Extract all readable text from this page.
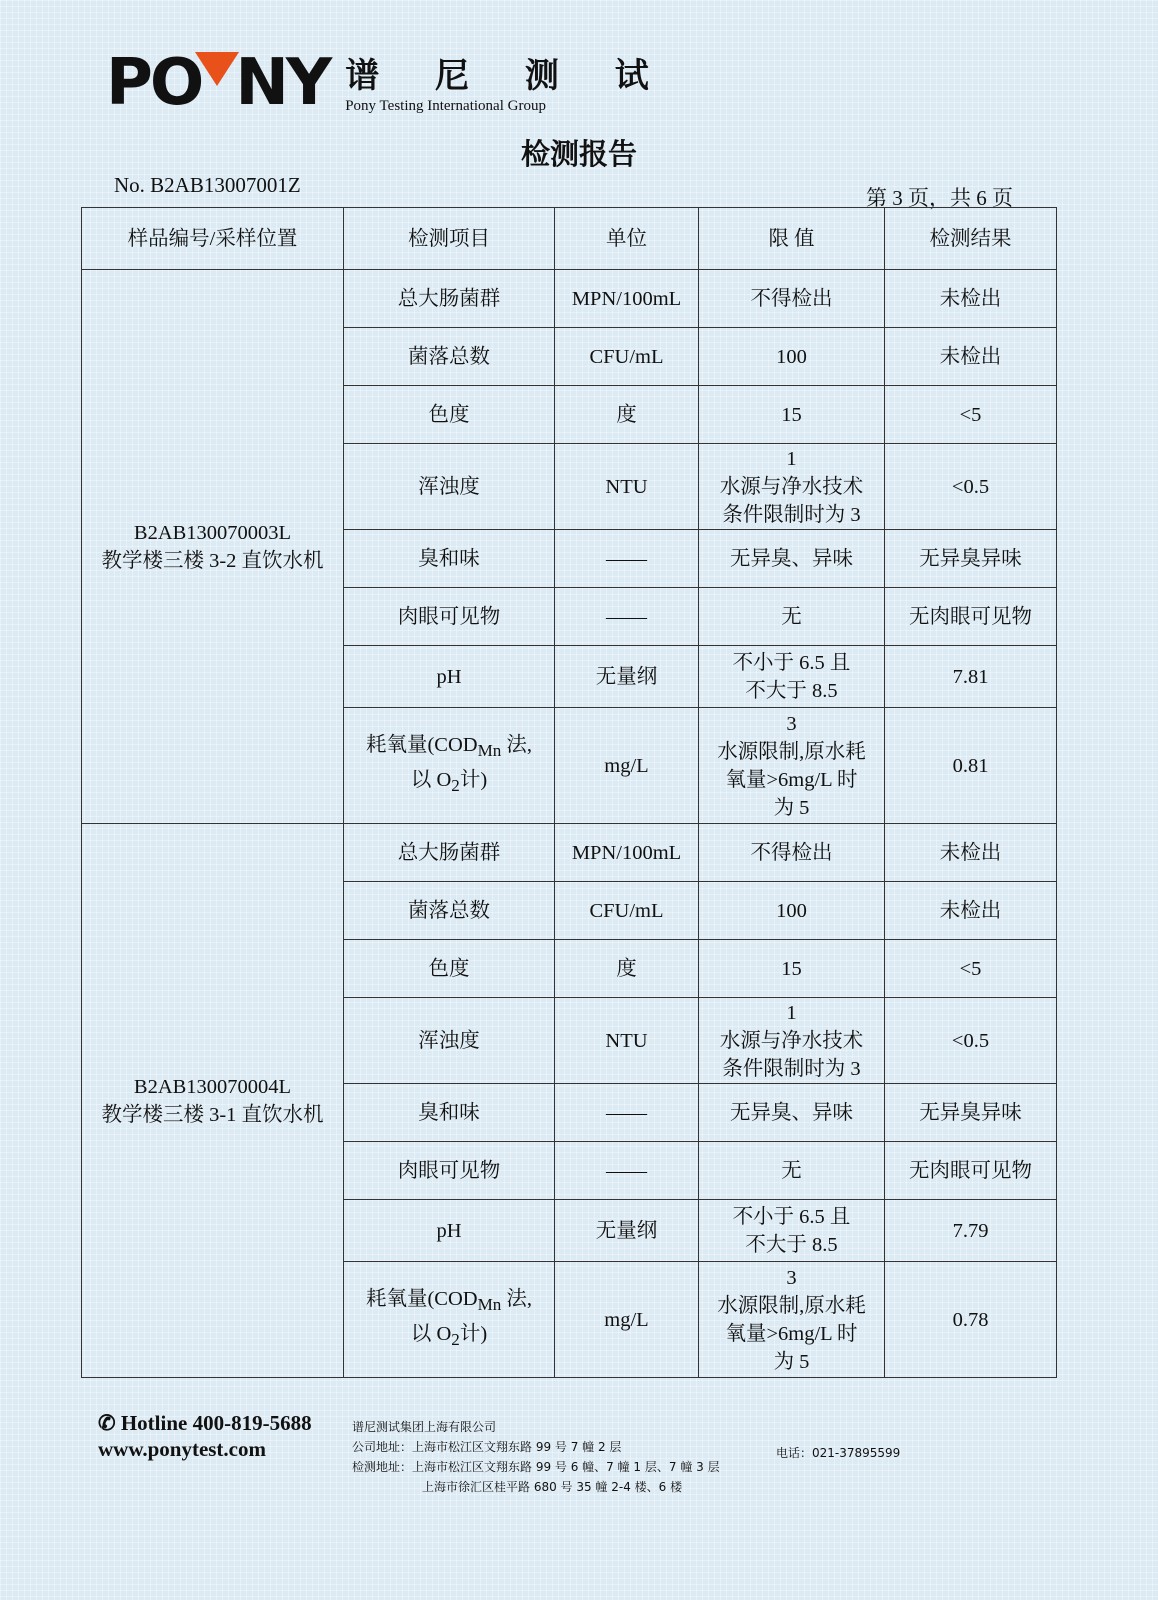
PO NY 谱 尼 测 试
Pony Testing International Group
检测报告
No. B2AB13007001Z
第 3 页，共 6 页
样品编号/采样位置	检测项目	单位	限 值	检测结果

B2AB130070003L
教学楼三楼 3-2 直饮水机	总大肠菌群	MPN/100mL	不得检出	未检出
	菌落总数	CFU/mL	100	未检出
	色度	度	15	<5
	浑浊度	NTU	1
水源与净水技术
条件限制时为 3	<0.5
	臭和味	——	无异臭、异味	无异臭异味
	肉眼可见物	——	无	无肉眼可见物
	pH	无量纲	不小于 6.5 且
不大于 8.5	7.81

	耗氧量($COD_{Mn}$ 法,
以 $O_2$计)	mg/L	3
水源限制,原水耗
氧量>6mg/L 时
为 5	0.81

B2AB130070004L
教学楼三楼 3-1 直饮水机	总大肠菌群	MPN/100mL	不得检出	未检出
	菌落总数	CFU/mL	100	未检出
	色度	度	15	<5
	浑浊度	NTU	1
水源与净水技术
条件限制时为 3	<0.5
	臭和味	——	无异臭、异味	无异臭异味
	肉眼可见物	——	无	无肉眼可见物
	pH	无量纲	不小于 6.5 且
不大于 8.5	7.79

	耗氧量($COD_{Mn}$ 法,
以 $O_2$计)	mg/L	3
水源限制,原水耗
氧量>6mg/L 时
为 5	0.78
✆ Hotline 400-819-5688
www.ponytest.com
谱尼测试集团上海有限公司
公司地址：上海市松江区文翔东路 99 号 7 幢 2 层
检测地址：上海市松江区文翔东路 99 号 6 幢、7 幢 1 层、7 幢 3 层
上海市徐汇区桂平路 680 号 35 幢 2-4 楼、6 楼
电话：021-37895599
